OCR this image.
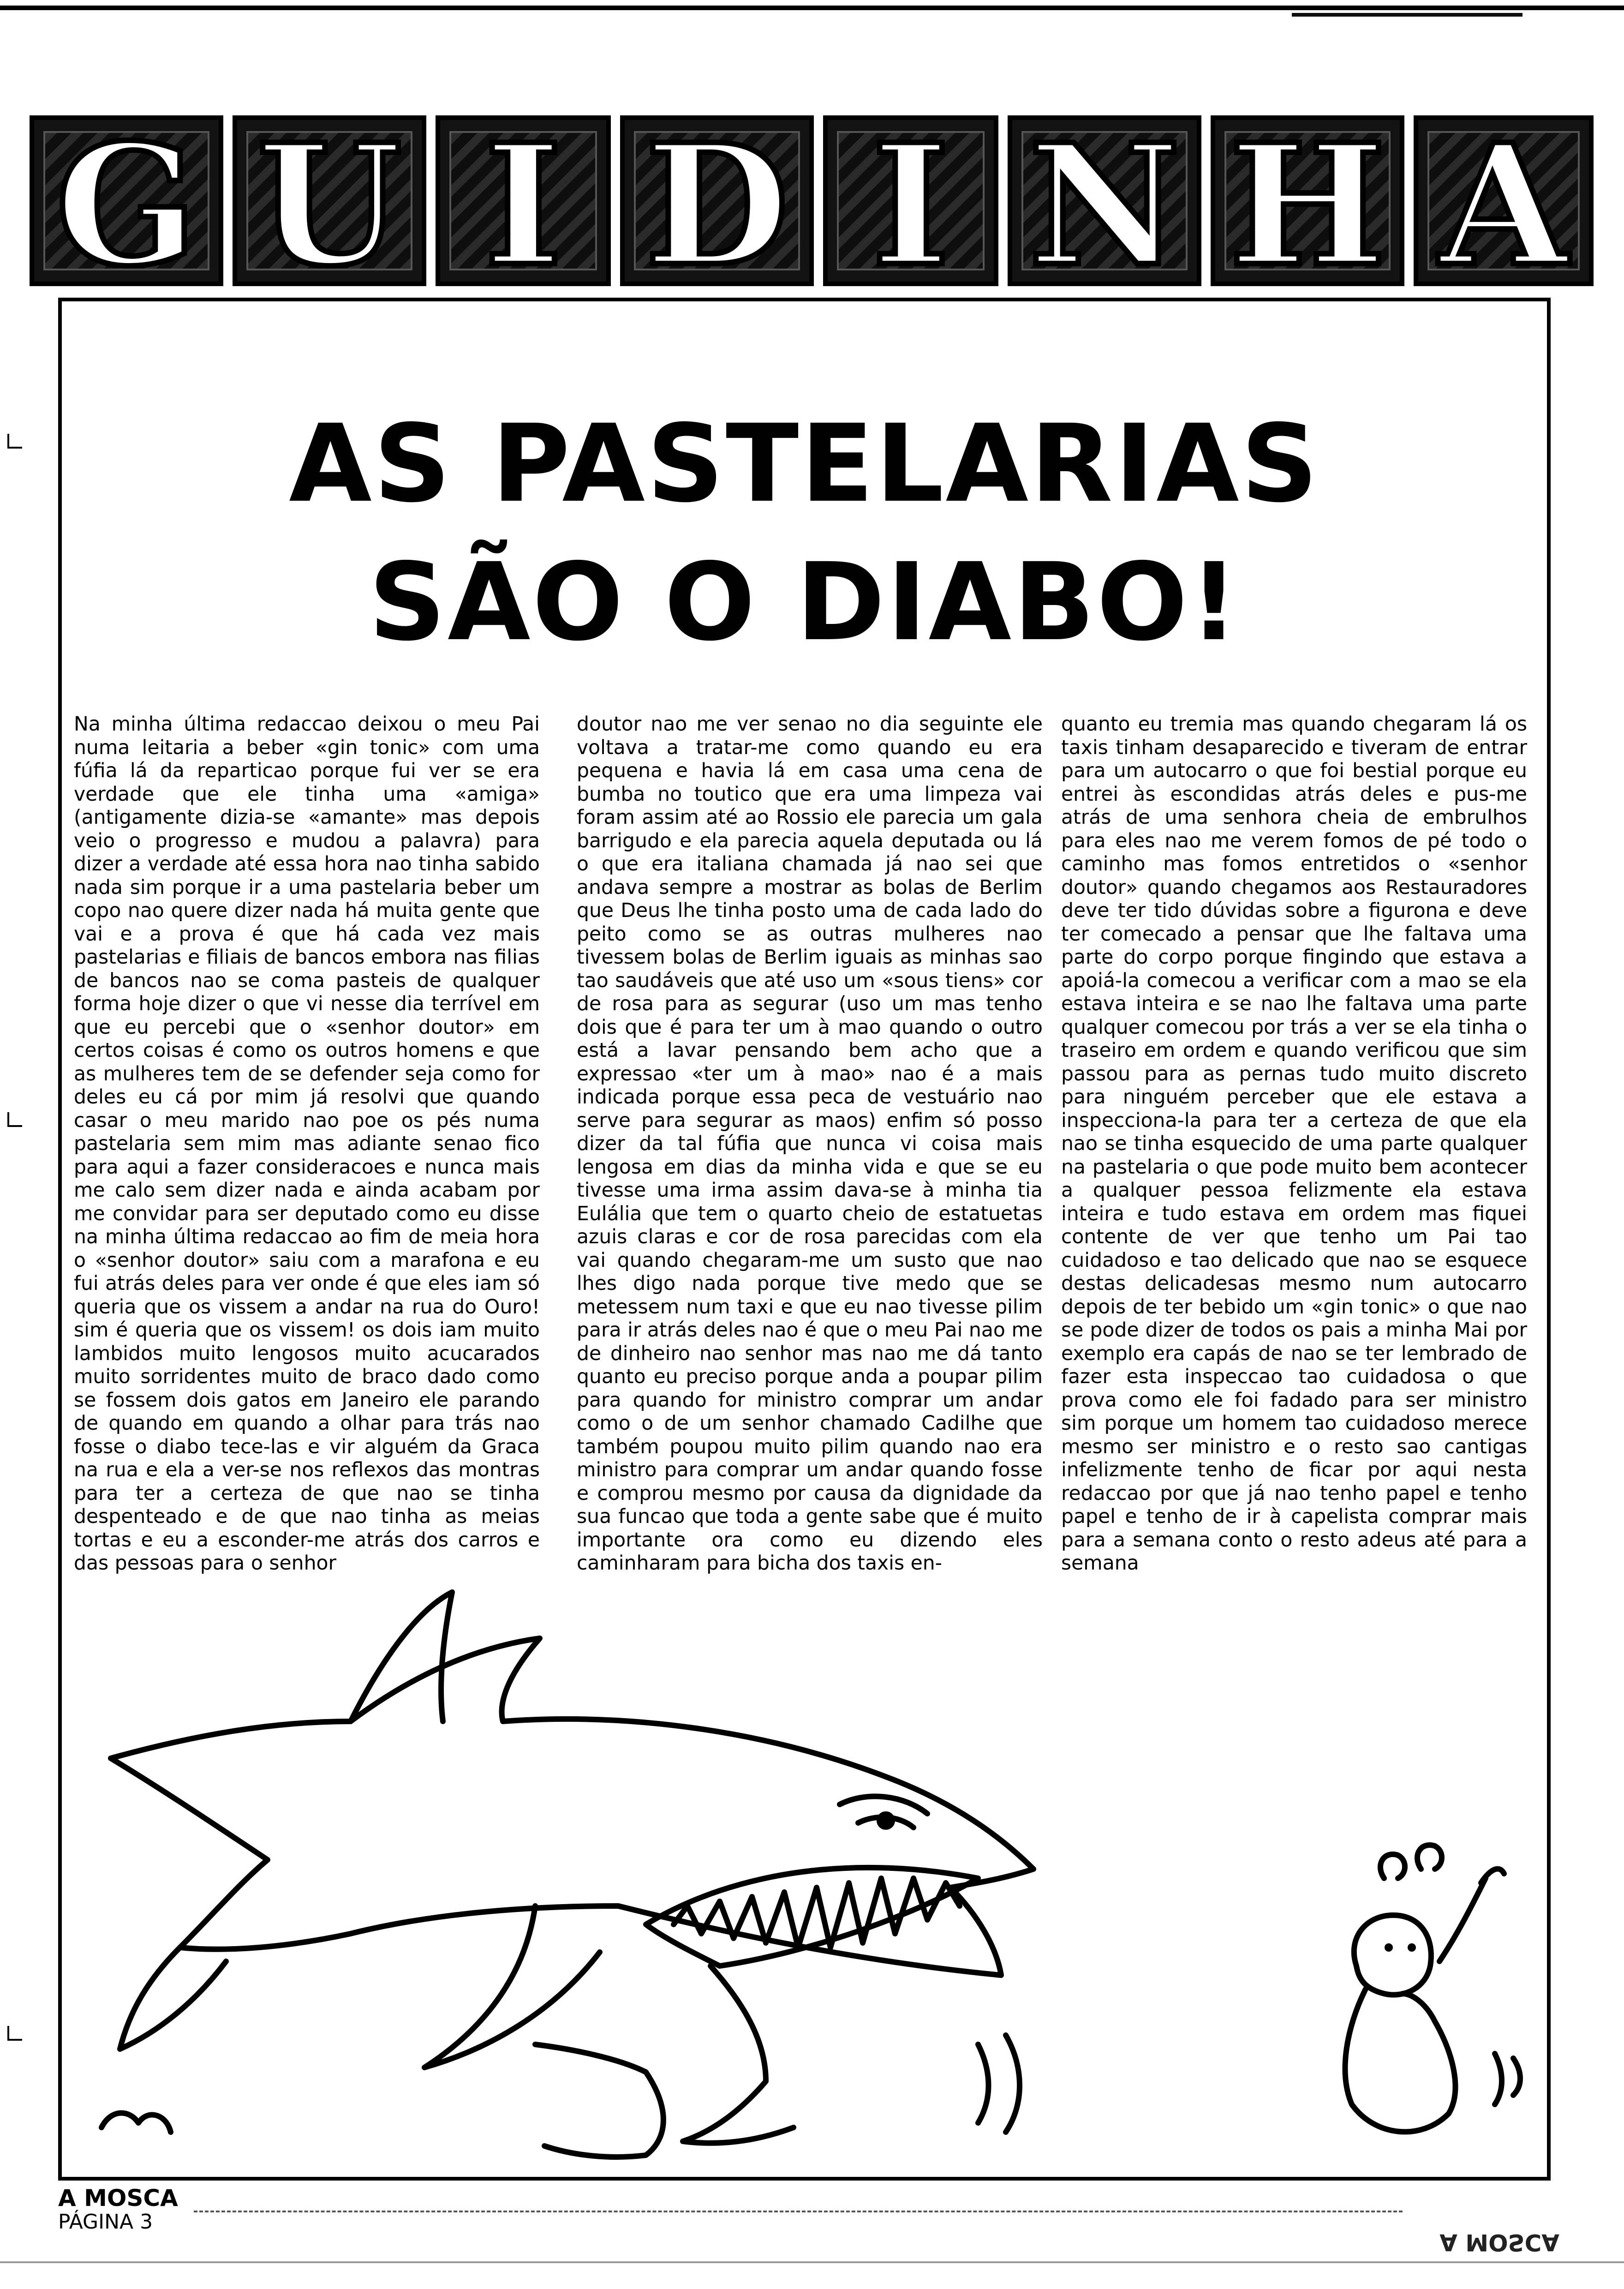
G U I D I N H A
AS PASTELARIAS
SÃO O DIABO!
Na minha última redaccao deixou o meu Pai numa leitaria a beber «gin tonic» com uma fúfia lá da reparticao porque fui ver se era verdade que ele tinha uma «amiga» (antigamente dizia-se «amante» mas depois veio o progresso e mudou a palavra) para dizer a verdade até essa hora nao tinha sabido nada sim porque ir a uma pastelaria beber um copo nao quere dizer nada há muita gente que vai e a prova é que há cada vez mais pastelarias e filiais de bancos embora nas filias de bancos nao se coma pasteis de qualquer forma hoje dizer o que vi nesse dia terrível em que eu percebi que o «senhor doutor» em certos coisas é como os outros homens e que as mulheres tem de se defender seja como for deles eu cá por mim já resolvi que quando casar o meu marido nao poe os pés numa pastelaria sem mim mas adiante senao fico para aqui a fazer consideracoes e nunca mais me calo sem dizer nada e ainda acabam por me convidar para ser deputado como eu disse na minha última redaccao ao fim de meia hora o «senhor doutor» saiu com a marafona e eu fui atrás deles para ver onde é que eles iam só queria que os vissem a andar na rua do Ouro! sim é queria que os vissem! os dois iam muito lambidos muito lengosos muito acucarados muito sorridentes muito de braco dado como se fossem dois gatos em Janeiro ele parando de quando em quando a olhar para trás nao fosse o diabo tece-las e vir alguém da Graca na rua e ela a ver-se nos reflexos das montras para ter a certeza de que nao se tinha despenteado e de que nao tinha as meias tortas e eu a esconder-me atrás dos carros e das pessoas para o senhor
doutor nao me ver senao no dia seguinte ele voltava a tratar-me como quando eu era pequena e havia lá em casa uma cena de bumba no toutico que era uma limpeza vai foram assim até ao Rossio ele parecia um gala barrigudo e ela parecia aquela deputada ou lá o que era italiana chamada já nao sei que andava sempre a mostrar as bolas de Berlim que Deus lhe tinha posto uma de cada lado do peito como se as outras mulheres nao tivessem bolas de Berlim iguais as minhas sao tao saudáveis que até uso um «sous tiens» cor de rosa para as segurar (uso um mas tenho dois que é para ter um à mao quando o outro está a lavar pensando bem acho que a expressao «ter um à mao» nao é a mais indicada porque essa peca de vestuário nao serve para segurar as maos) enfim só posso dizer da tal fúfia que nunca vi coisa mais lengosa em dias da minha vida e que se eu tivesse uma irma assim dava-se à minha tia Eulália que tem o quarto cheio de estatuetas azuis claras e cor de rosa parecidas com ela vai quando chegaram-me um susto que nao lhes digo nada porque tive medo que se metessem num taxi e que eu nao tivesse pilim para ir atrás deles nao é que o meu Pai nao me de dinheiro nao senhor mas nao me dá tanto quanto eu preciso porque anda a poupar pilim para quando for ministro comprar um andar como o de um senhor chamado Cadilhe que também poupou muito pilim quando nao era ministro para comprar um andar quando fosse e comprou mesmo por causa da dignidade da sua funcao que toda a gente sabe que é muito importante ora como eu dizendo eles caminharam para bicha dos taxis en-
quanto eu tremia mas quando chegaram lá os taxis tinham desaparecido e tiveram de entrar para um autocarro o que foi bestial porque eu entrei às escondidas atrás deles e pus-me atrás de uma senhora cheia de embrulhos para eles nao me verem fomos de pé todo o caminho mas fomos entretidos o «senhor doutor» quando chegamos aos Restauradores deve ter tido dúvidas sobre a figurona e deve ter comecado a pensar que lhe faltava uma parte do corpo porque fingindo que estava a apoiá-la comecou a verificar com a mao se ela estava inteira e se nao lhe faltava uma parte qualquer comecou por trás a ver se ela tinha o traseiro em ordem e quando verificou que sim passou para as pernas tudo muito discreto para ninguém perceber que ele estava a inspecciona-la para ter a certeza de que ela nao se tinha esquecido de uma parte qualquer na pastelaria o que pode muito bem acontecer a qualquer pessoa felizmente ela estava inteira e tudo estava em ordem mas fiquei contente de ver que tenho um Pai tao cuidadoso e tao delicado que nao se esquece destas delicadesas mesmo num autocarro depois de ter bebido um «gin tonic» o que nao se pode dizer de todos os pais a minha Mai por exemplo era capás de nao se ter lembrado de fazer esta inspeccao tao cuidadosa o que prova como ele foi fadado para ser ministro sim porque um homem tao cuidadoso merece mesmo ser ministro e o resto sao cantigas infelizmente tenho de ficar por aqui nesta redaccao por que já nao tenho papel e tenho papel e tenho de ir à capelista comprar mais para a semana conto o resto adeus até para a semana
A MOSCA
PÁGINA 3
A MOSCA
